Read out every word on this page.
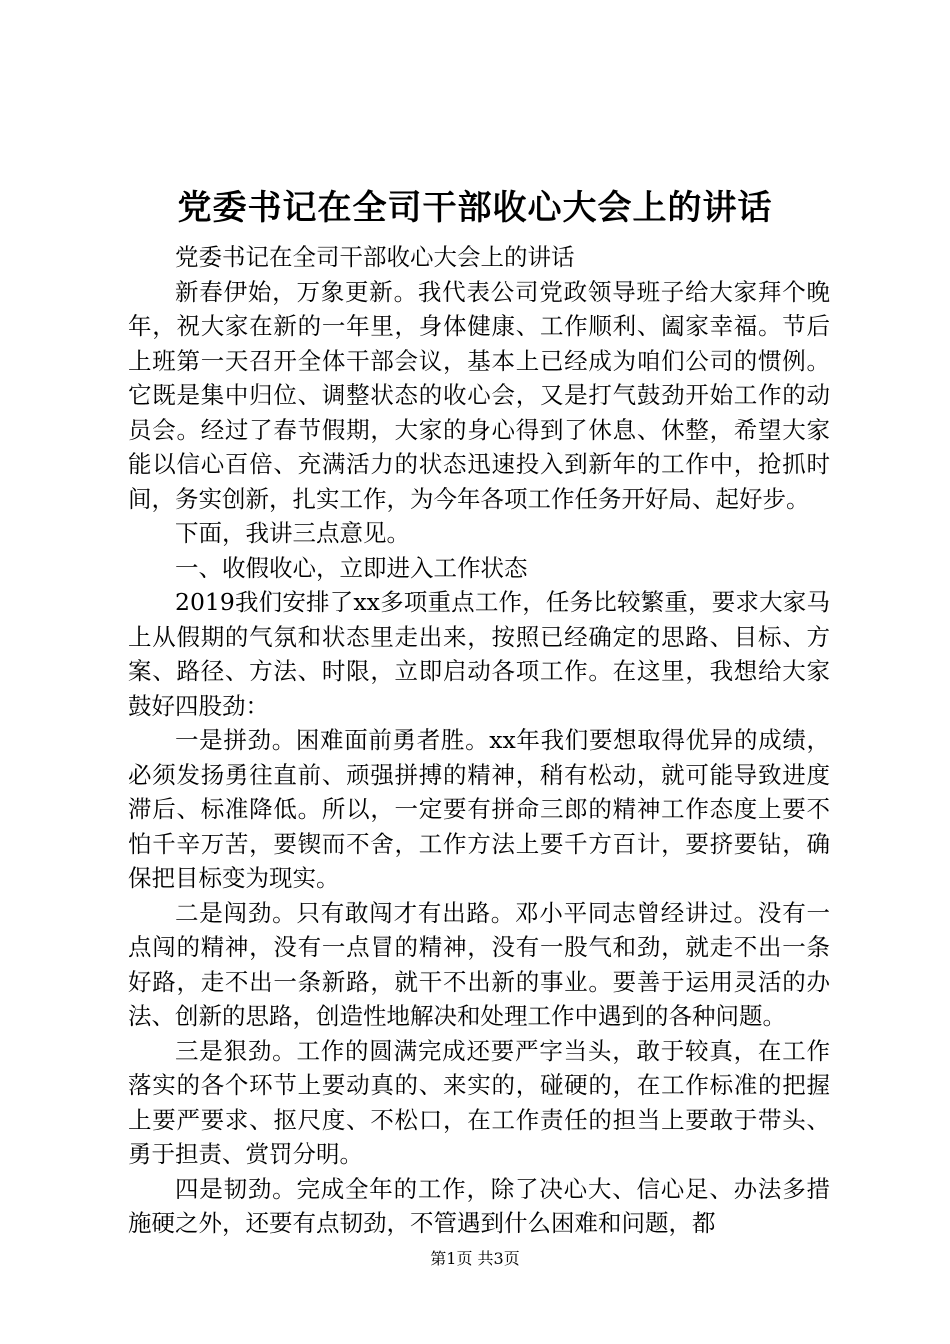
党委书记在全司干部收心大会上的讲话

党委书记在全司干部收心大会上的讲话

新春伊始，万象更新。我代表公司党政领导班子给大家拜个晚年，祝大家在新的一年里，身体健康、工作顺利、阖家幸福。节后上班第一天召开全体干部会议，基本上已经成为咱们公司的惯例。它既是集中归位、调整状态的收心会，又是打气鼓劲开始工作的动员会。经过了春节假期，大家的身心得到了休息、休整，希望大家能以信心百倍、充满活力的状态迅速投入到新年的工作中，抢抓时间，务实创新，扎实工作，为今年各项工作任务开好局、起好步。

下面，我讲三点意见。

一、收假收心，立即进入工作状态

2019我们安排了xx多项重点工作，任务比较繁重，要求大家马上从假期的气氛和状态里走出来，按照已经确定的思路、目标、方案、路径、方法、时限，立即启动各项工作。在这里，我想给大家鼓好四股劲：

一是拼劲。困难面前勇者胜。xx年我们要想取得优异的成绩，必须发扬勇往直前、顽强拼搏的精神，稍有松动，就可能导致进度滞后、标准降低。所以，一定要有拼命三郎的精神工作态度上要不怕千辛万苦，要锲而不舍，工作方法上要千方百计，要挤要钻，确保把目标变为现实。

二是闯劲。只有敢闯才有出路。邓小平同志曾经讲过。没有一点闯的精神，没有一点冒的精神，没有一股气和劲，就走不出一条好路，走不出一条新路，就干不出新的事业。要善于运用灵活的办法、创新的思路，创造性地解决和处理工作中遇到的各种问题。

三是狠劲。工作的圆满完成还要严字当头，敢于较真，在工作落实的各个环节上要动真的、来实的，碰硬的，在工作标准的把握上要严要求、抠尺度、不松口，在工作责任的担当上要敢于带头、勇于担责、赏罚分明。

四是韧劲。完成全年的工作，除了决心大、信心足、办法多措施硬之外，还要有点韧劲，不管遇到什么困难和问题，都

第1页 共3页
